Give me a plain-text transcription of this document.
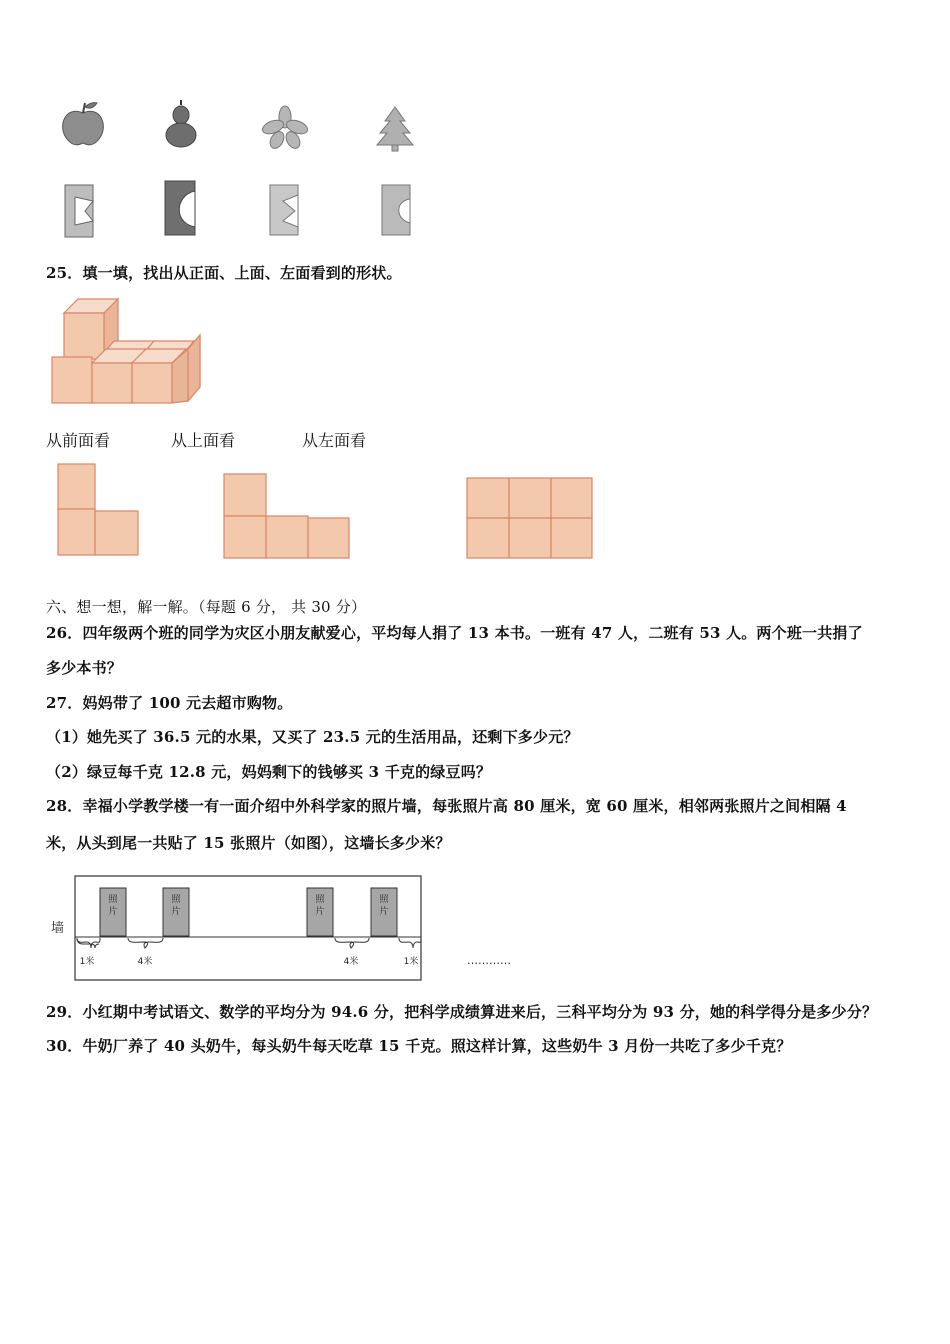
25．填一填，找出从正面、上面、左面看到的形状。
从前面看	从上面看	从左面看
六、想一想，解一解。（每题 6 分， 共 30 分）
26．四年级两个班的同学为灾区小朋友献爱心，平均每人捐了 13 本书。一班有 47 人，二班有 53 人。两个班一共捐了
多少本书？
27．妈妈带了 100 元去超市购物。
（1）她先买了 36.5 元的水果，又买了 23.5 元的生活用品，还剩下多少元？
（2）绿豆每千克 12.8 元，妈妈剩下的钱够买 3 千克的绿豆吗？
28．幸福小学教学楼一有一面介绍中外科学家的照片墙，每张照片高 80 厘米，宽 60 厘米，相邻两张照片之间相隔 4
米，从头到尾一共贴了 15 张照片（如图），这墙长多少米？
墙
照
片
照
片
照
片
照
片
1米	4米	4米	1米	…………
29．小红期中考试语文、数学的平均分为 94.6 分，把科学成绩算进来后，三科平均分为 93 分，她的科学得分是多少分？
30．牛奶厂养了 40 头奶牛，每头奶牛每天吃草 15 千克。照这样计算，这些奶牛 3 月份一共吃了多少千克？
